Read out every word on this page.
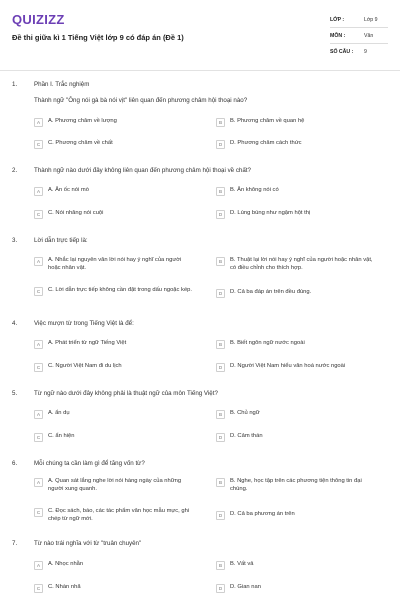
QUIZIZZ
Đề thi giữa kì 1 Tiếng Việt lớp 9 có đáp án (Đề 1)
LỚP :	Lớp 9
MÔN :	Văn
SỐ CÂU :	9
1.	Phần I. Trắc nghiệm
Thành ngữ "Ông nói gà bà nói vịt" liên quan đến phương châm hội thoại nào?
A	A. Phương châm về lượng	B	B. Phương châm về quan hệ
C	C. Phương châm về chất	D	D. Phương châm cách thức
2.	Thành ngữ nào dưới đây không liên quan đến phương châm hội thoại về chất?
A	A. Ăn ốc nói mò	B	B. Ăn không nói có
C	C. Nói nhăng nói cuội	D	D. Lúng búng như ngậm hột thị
3.	Lời dẫn trực tiếp là:
A	A. Nhắc lại nguyên văn lời nói hay ý nghĩ của người hoặc nhân vật.
B	B. Thuật lại lời nói hay ý nghĩ của người hoặc nhân vật, có điều chỉnh cho thích hợp.
C	C. Lời dẫn trực tiếp không cần đặt trong dấu ngoặc kép.	D	D. Cả ba đáp án trên đều đúng.
4.	Việc mượn từ trong Tiếng Việt là để:
A	A. Phát triển từ ngữ Tiếng Việt	B	B. Biết ngôn ngữ nước ngoài
C	C. Người Việt Nam đi du lịch	D	D. Người Việt Nam hiểu văn hoá nước ngoài
5.	Từ ngữ nào dưới đây không phải là thuật ngữ của môn Tiếng Việt?
A	A. ẩn dụ	B	B. Chủ ngữ
C	C. ẩn hiện	D	D. Cảm thán
6.	Mỗi chúng ta cần làm gì để tăng vốn từ?
A	A. Quan sát lắng nghe lời nói hàng ngày của những người xung quanh.
B	B. Nghe, học tập trên các phương tiện thông tin đại chúng.
C	C. Đọc sách, báo, các tác phẩm văn học mẫu mực, ghi chép từ ngữ mới.
D	D. Cả ba phương án trên
7.	Từ nào trái nghĩa với từ "truân chuyên"
A	A. Nhọc nhằn	B	B. Vất vả
C	C. Nhàn nhã	D	D. Gian nan
